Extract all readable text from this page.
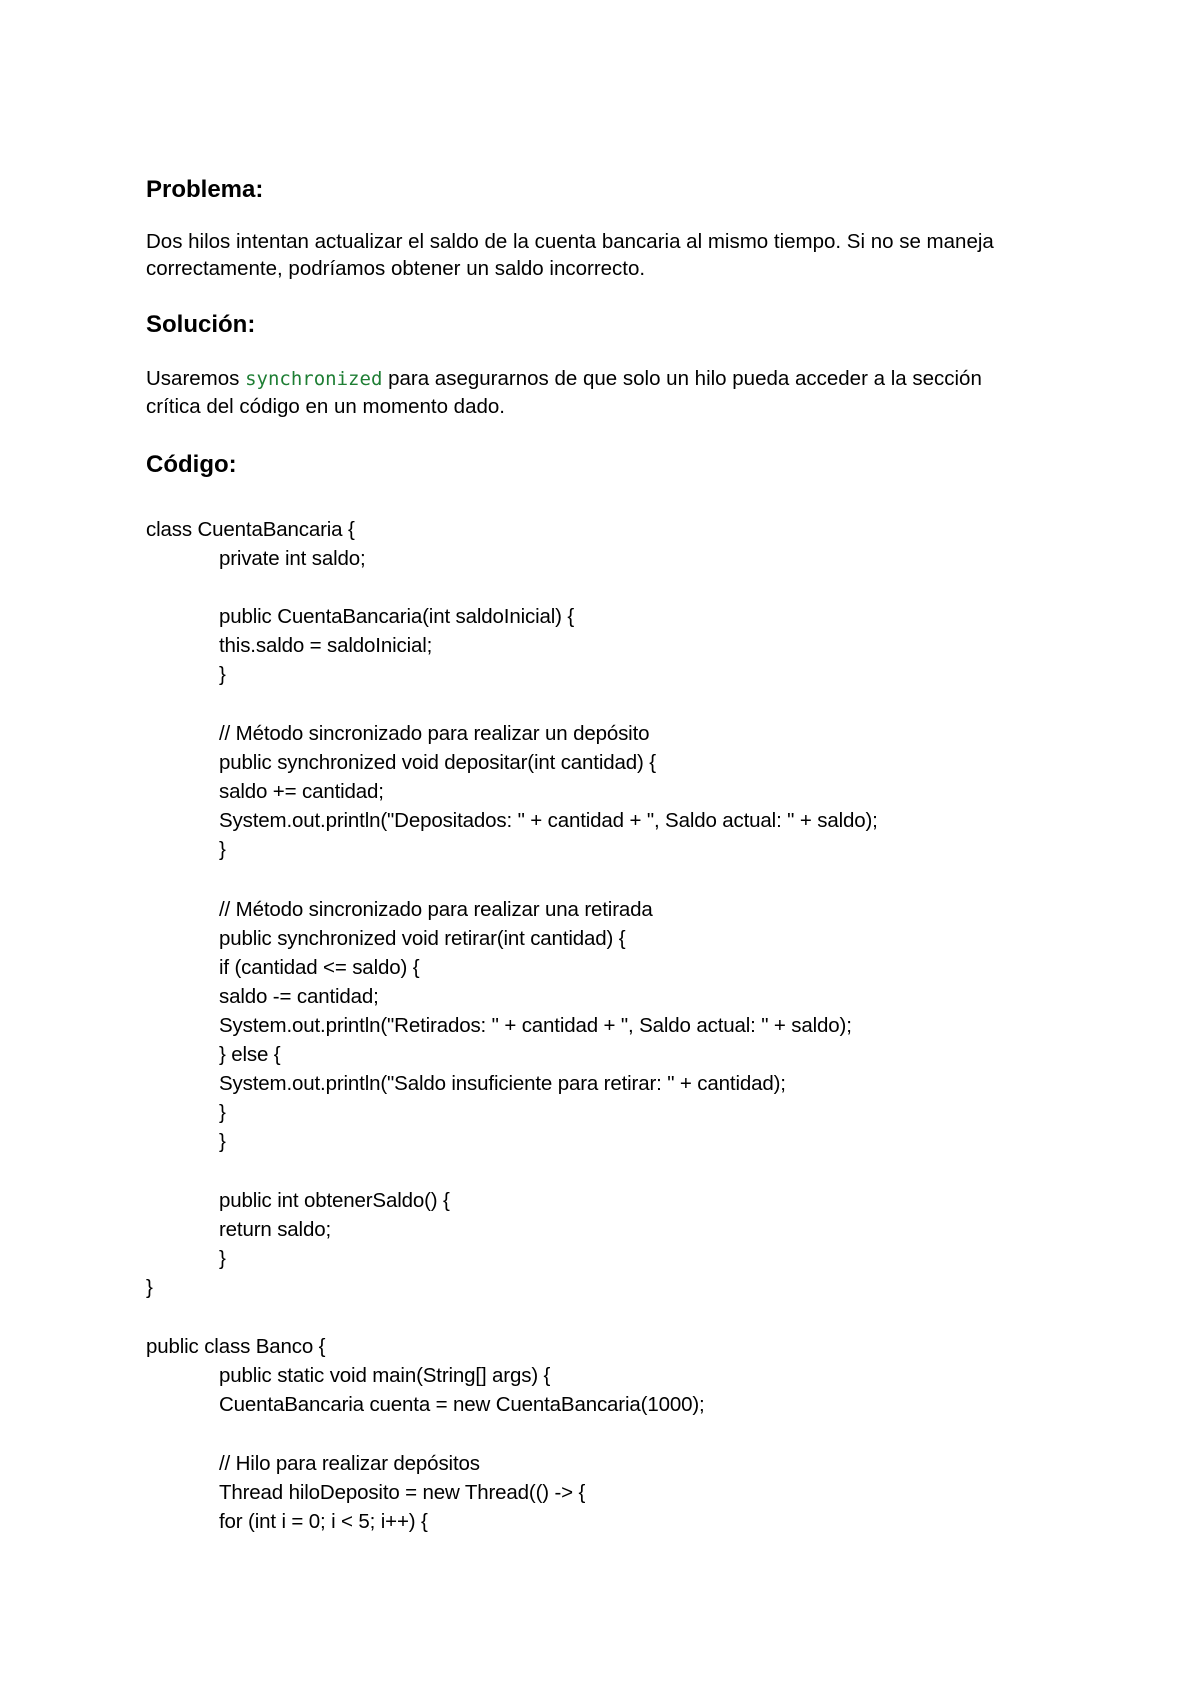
Problema:

Dos hilos intentan actualizar el saldo de la cuenta bancaria al mismo tiempo. Si no se maneja correctamente, podríamos obtener un saldo incorrecto.

Solución:

Usaremos synchronized para asegurarnos de que solo un hilo pueda acceder a la sección crítica del código en un momento dado.

Código:
class CuentaBancaria {
private int saldo;
public CuentaBancaria(int saldoInicial) {
this.saldo = saldoInicial;
}
// Método sincronizado para realizar un depósito
public synchronized void depositar(int cantidad) {
saldo += cantidad;
System.out.println("Depositados: " + cantidad + ", Saldo actual: " + saldo);
}
// Método sincronizado para realizar una retirada
public synchronized void retirar(int cantidad) {
if (cantidad <= saldo) {
saldo -= cantidad;
System.out.println("Retirados: " + cantidad + ", Saldo actual: " + saldo);
} else {
System.out.println("Saldo insuficiente para retirar: " + cantidad);
}
}
public int obtenerSaldo() {
return saldo;
}
}
public class Banco {
public static void main(String[] args) {
CuentaBancaria cuenta = new CuentaBancaria(1000);
// Hilo para realizar depósitos
Thread hiloDeposito = new Thread(() -> {
for (int i = 0; i < 5; i++) {
